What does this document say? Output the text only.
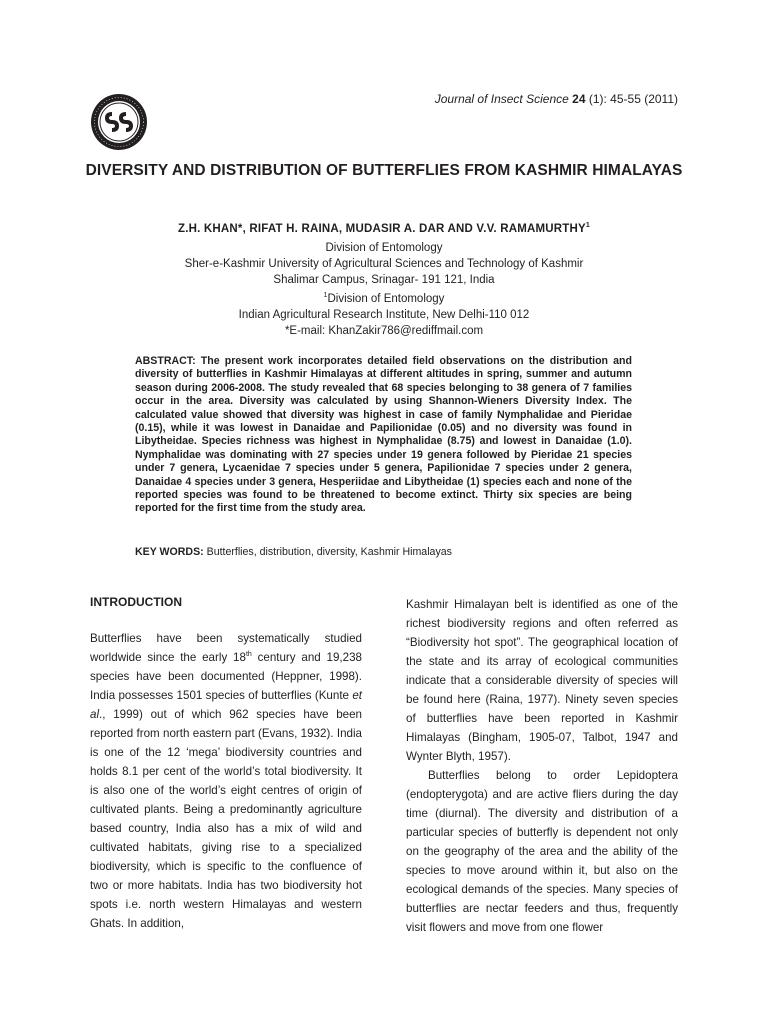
Journal of Insect Science 24 (1): 45-55 (2011)
DIVERSITY AND DISTRIBUTION OF BUTTERFLIES FROM KASHMIR HIMALAYAS
Z.H. KHAN*, RIFAT H. RAINA, MUDASIR A. DAR AND V.V. RAMAMURTHY$^1$
Division of Entomology
Sher-e-Kashmir University of Agricultural Sciences and Technology of Kashmir
Shalimar Campus, Srinagar- 191 121, India
$^1$Division of Entomology
Indian Agricultural Research Institute, New Delhi-110 012
*E-mail: KhanZakir786@rediffmail.com
ABSTRACT: The present work incorporates detailed field observations on the distribution and diversity of butterflies in Kashmir Himalayas at different altitudes in spring, summer and autumn season during 2006-2008. The study revealed that 68 species belonging to 38 genera of 7 families occur in the area. Diversity was calculated by using Shannon-Wieners Diversity Index. The calculated value showed that diversity was highest in case of family Nymphalidae and Pieridae (0.15), while it was lowest in Danaidae and Papilionidae (0.05) and no diversity was found in Libytheidae. Species richness was highest in Nymphalidae (8.75) and lowest in Danaidae (1.0). Nymphalidae was dominating with 27 species under 19 genera followed by Pieridae 21 species under 7 genera, Lycaenidae 7 species under 5 genera, Papilionidae 7 species under 2 genera, Danaidae 4 species under 3 genera, Hesperiidae and Libytheidae (1) species each and none of the reported species was found to be threatened to become extinct. Thirty six species are being reported for the first time from the study area.
KEY WORDS: Butterflies, distribution, diversity, Kashmir Himalayas
INTRODUCTION

Butterflies have been systematically studied worldwide since the early 18th century and 19,238 species have been documented (Heppner, 1998). India possesses 1501 species of butterflies (Kunte et al., 1999) out of which 962 species have been reported from north eastern part (Evans, 1932). India is one of the 12 ‘mega’ biodiversity countries and holds 8.1 per cent of the world’s total biodiversity. It is also one of the world’s eight centres of origin of cultivated plants. Being a predominantly agriculture based country, India also has a mix of wild and cultivated habitats, giving rise to a specialized biodiversity, which is specific to the confluence of two or more habitats. India has two biodiversity hot spots i.e. north western Himalayas and western Ghats. In addition,

Kashmir Himalayan belt is identified as one of the richest biodiversity regions and often referred as “Biodiversity hot spot”. The geographical location of the state and its array of ecological communities indicate that a considerable diversity of species will be found here (Raina, 1977). Ninety seven species of butterflies have been reported in Kashmir Himalayas (Bingham, 1905-07, Talbot, 1947 and Wynter Blyth, 1957).

Butterflies belong to order Lepidoptera (endopterygota) and are active fliers during the day time (diurnal). The diversity and distribution of a particular species of butterfly is dependent not only on the geography of the area and the ability of the species to move around within it, but also on the ecological demands of the species. Many species of butterflies are nectar feeders and thus, frequently visit flowers and move from one flower
